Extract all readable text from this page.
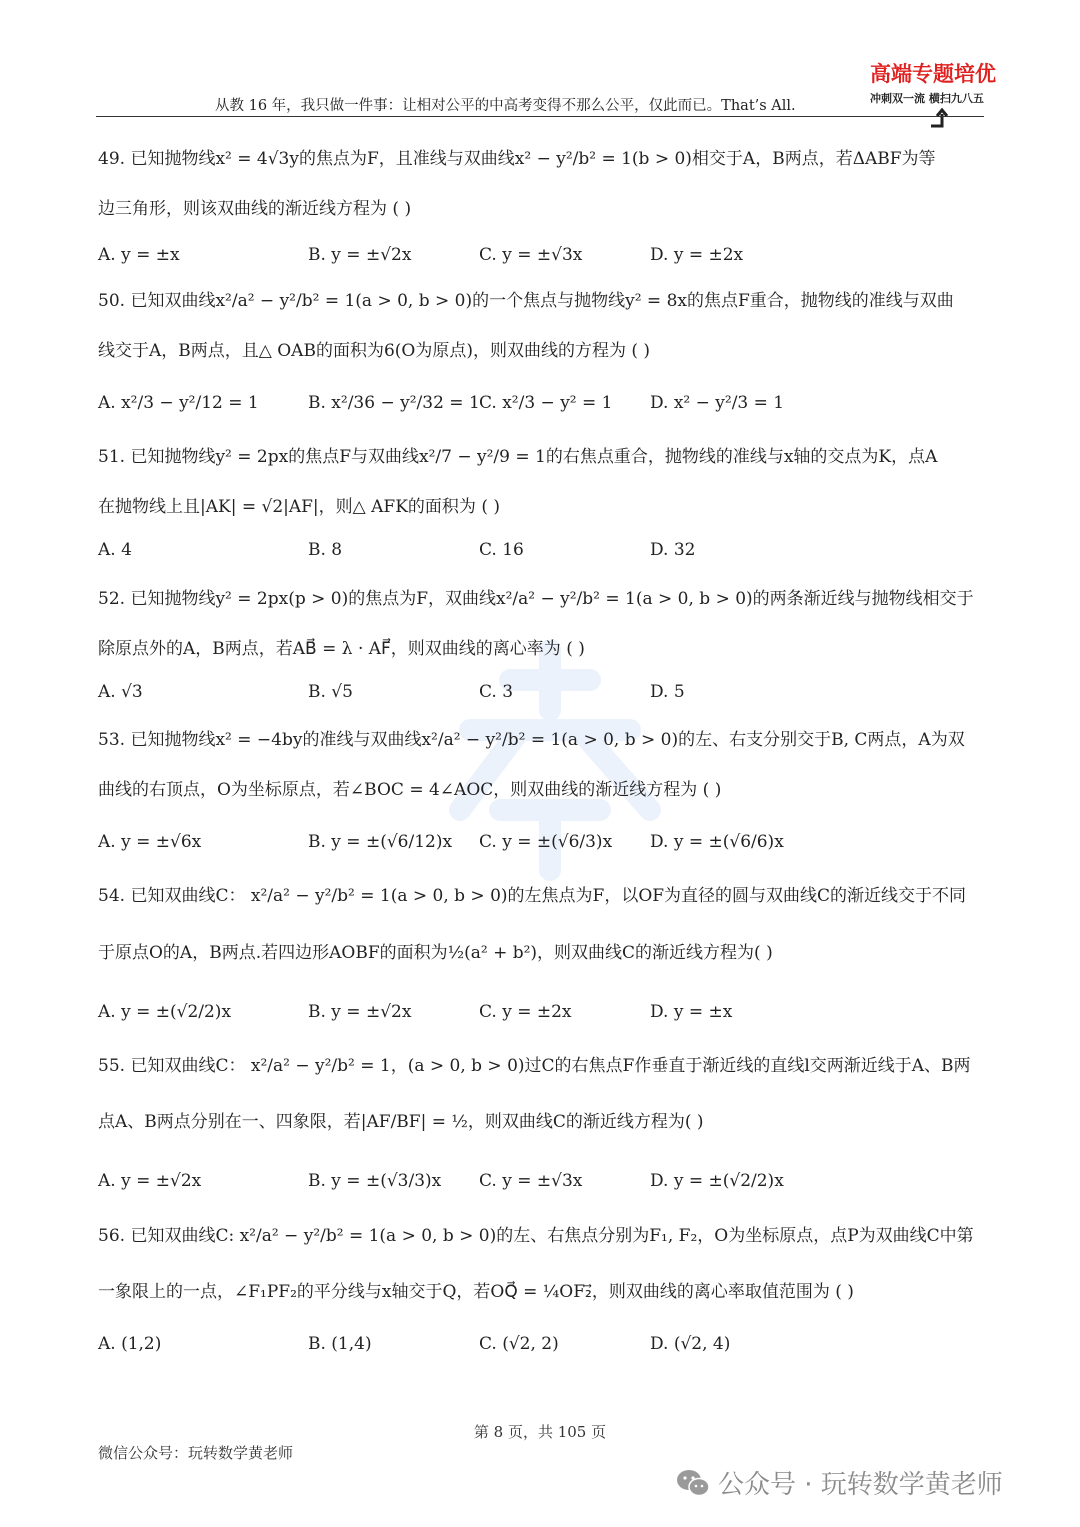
从教 16 年，我只做一件事：让相对公平的中高考变得不那么公平，仅此而已。That’s All.
高端专题培优
冲刺双一流 横扫九八五
49. 已知抛物线x² = 4√3y的焦点为F，且准线与双曲线x² − y²/b² = 1(b > 0)相交于A，B两点，若ΔABF为等
边三角形，则该双曲线的渐近线方程为 ( )
A. y = ±x	B. y = ±√2x	C. y = ±√3x	D. y = ±2x
50. 已知双曲线x²/a² − y²/b² = 1(a > 0, b > 0)的一个焦点与抛物线y² = 8x的焦点F重合，抛物线的准线与双曲
线交于A，B两点，且△ OAB的面积为6(O为原点)，则双曲线的方程为 ( )
A. x²/3 − y²/12 = 1	B. x²/36 − y²/32 = 1 C. x²/3 − y² = 1 D. x² − y²/3 = 1
51. 已知抛物线y² = 2px的焦点F与双曲线x²/7 − y²/9 = 1的右焦点重合，抛物线的准线与x轴的交点为K，点A
在抛物线上且|AK| = √2|AF|，则△ AFK的面积为 ( )
A. 4	B. 8	C. 16	D. 32
52. 已知抛物线y² = 2px(p > 0)的焦点为F，双曲线x²/a² − y²/b² = 1(a > 0, b > 0)的两条渐近线与抛物线相交于
除原点外的A，B两点，若AB⃗ = λ · AF⃗，则双曲线的离心率为 ( )
A. √3	B. √5	C. 3	D. 5
53. 已知抛物线x² = −4by的准线与双曲线x²/a² − y²/b² = 1(a > 0, b > 0)的左、右支分别交于B, C两点，A为双
曲线的右顶点，O为坐标原点，若∠BOC = 4∠AOC，则双曲线的渐近线方程为 ( )
A. y = ±√6x	B. y = ±(√6/12)x C. y = ±(√6/3)x D. y = ±(√6/6)x
54. 已知双曲线C： x²/a² − y²/b² = 1(a > 0, b > 0)的左焦点为F，以OF为直径的圆与双曲线C的渐近线交于不同
于原点O的A，B两点.若四边形AOBF的面积为½(a² + b²)，则双曲线C的渐近线方程为( )
A. y = ±(√2/2)x	B. y = ±√2x	C. y = ±2x	D. y = ±x
55. 已知双曲线C： x²/a² − y²/b² = 1，(a > 0, b > 0)过C的右焦点F作垂直于渐近线的直线l交两渐近线于A、B两
点A、B两点分别在一、四象限，若|AF/BF| = ½，则双曲线C的渐近线方程为( )
A. y = ±√2x	B. y = ±(√3/3)x C. y = ±√3x	D. y = ±(√2/2)x
56. 已知双曲线C: x²/a² − y²/b² = 1(a > 0, b > 0)的左、右焦点分别为F₁, F₂，O为坐标原点，点P为双曲线C中第
一象限上的一点，∠F₁PF₂的平分线与x轴交于Q，若OQ⃗ = ¼OF₂⃗，则双曲线的离心率取值范围为 ( )
A. (1,2)	B. (1,4)	C. (√2, 2)	D. (√2, 4)
第 8 页，共 105 页
微信公众号：玩转数学黄老师
公众号 · 玩转数学黄老师
